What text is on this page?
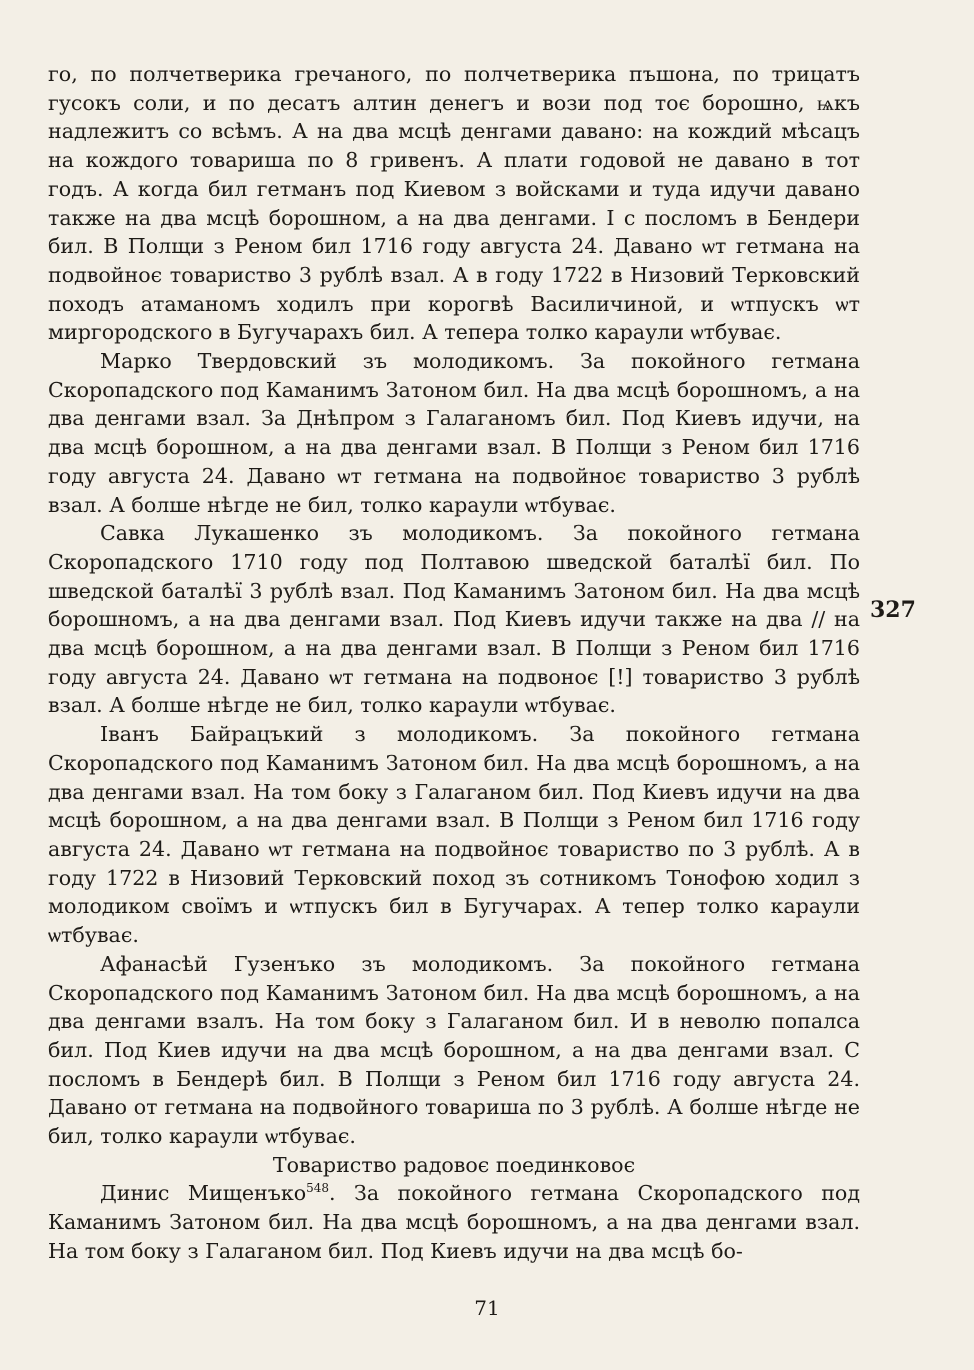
го, по полчетверика гречаного, по полчетверика пъшона, по трицатъ гусокъ соли, и по десатъ алтин денегъ и вози под тоє борошно, ѩкъ надлежитъ со всѣмъ. А на два мсцѣ денгами давано: на кождий мѣсацъ на кождого товариша по 8 гривенъ. А плати годовой не давано в тот годъ. А когда бил гетманъ под Киевом з войсками и туда идучи давано также на два мсцѣ борошном, а на два денгами. І с посломъ в Бендери бил. В Полщи з Реном бил 1716 году августа 24. Давано ѡт гетмана на подвойноє товариство 3 рублѣ взал. А в году 1722 в Низовий Терковский походъ атаманомъ ходилъ при корогвѣ Василичиной, и ѡтпускъ ѡт миргородского в Бугучарахъ бил. А тепера толко караули ѡтбуває.

Марко Твердовский зъ молодикомъ. За покойного гетмана Скоропадского под Каманимъ Затоном бил. На два мсцѣ борошномъ, а на два денгами взал. За Днѣпром з Галаганомъ бил. Под Киевъ идучи, на два мсцѣ борошном, а на два денгами взал. В Полщи з Реном бил 1716 году августа 24. Давано ѡт гетмана на подвойноє товариство 3 рублѣ взал. А болше нѣгде не бил, толко караули ѡтбуває.

Савка Лукашенко зъ молодикомъ. За покойного гетмана Скоропадского 1710 году под Полтавою шведской баталѣї бил. По шведской баталѣї 3 рублѣ взал. Под Каманимъ Затоном бил. На два мсцѣ борошномъ, а на два денгами взал. Под Киевъ идучи также на два // на два мсцѣ борошном, а на два денгами взал. В Полщи з Реном бил 1716 году августа 24. Давано ѡт гетмана на подвоноє [!] товариство 3 рублѣ взал. А болше нѣгде не бил, толко караули ѡтбуває.

Іванъ Байрацъкий з молодикомъ. За покойного гетмана Скоропадского под Каманимъ Затоном бил. На два мсцѣ борошномъ, а на два денгами взал. На том боку з Галаганом бил. Под Киевъ идучи на два мсцѣ борошном, а на два денгами взал. В Полщи з Реном бил 1716 году августа 24. Давано ѡт гетмана на подвойноє товариство по 3 рублѣ. А в году 1722 в Низовий Терковский поход зъ сотникомъ Тонофою ходил з молодиком своїмъ и ѡтпускъ бил в Бугучарах. А тепер толко караули ѡтбуває.

Афанасѣй Гузенъко зъ молодикомъ. За покойного гетмана Скоропадского под Каманимъ Затоном бил. На два мсцѣ борошномъ, а на два денгами взалъ. На том боку з Галаганом бил. И в неволю попалса бил. Под Киев идучи на два мсцѣ борошном, а на два денгами взал. С посломъ в Бендерѣ бил. В Полщи з Реном бил 1716 году августа 24. Давано от гетмана на подвойного товариша по 3 рублѣ. А болше нѣгде не бил, толко караули ѡтбуває.

Товариство радовоє поединковоє

Динис Мищенъко$^{548}$. За покойного гетмана Скоропадского под Каманимъ Затоном бил. На два мсцѣ борошномъ, а на два денгами взал. На том боку з Галаганом бил. Под Киевъ идучи на два мсцѣ бо-

327
71
